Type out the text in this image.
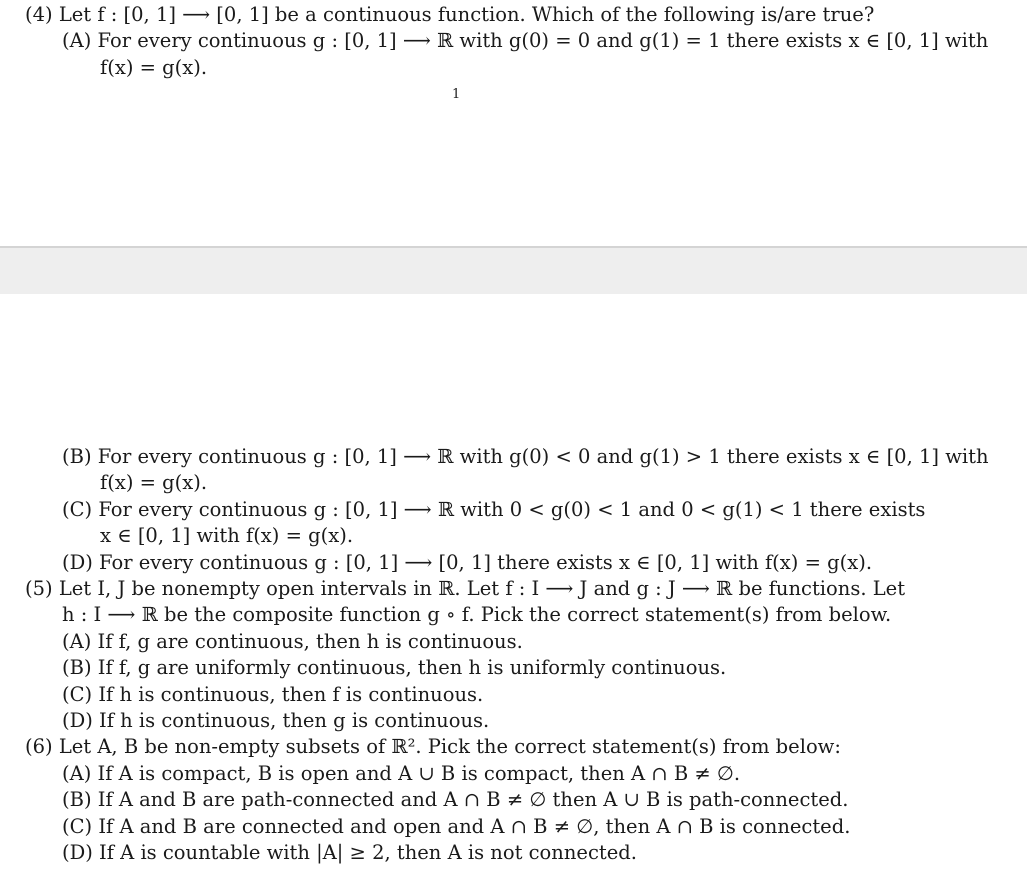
(4) Let f : [0, 1] ⟶ [0, 1] be a continuous function. Which of the following is/are true?
(A) For every continuous g : [0, 1] ⟶ ℝ with g(0) = 0 and g(1) = 1 there exists x ∈ [0, 1] with
f(x) = g(x).
1
(B) For every continuous g : [0, 1] ⟶ ℝ with g(0) < 0 and g(1) > 1 there exists x ∈ [0, 1] with
f(x) = g(x).
(C) For every continuous g : [0, 1] ⟶ ℝ with 0 < g(0) < 1 and 0 < g(1) < 1 there exists
x ∈ [0, 1] with f(x) = g(x).
(D) For every continuous g : [0, 1] ⟶ [0, 1] there exists x ∈ [0, 1] with f(x) = g(x).
(5) Let I, J be nonempty open intervals in ℝ. Let f : I ⟶ J and g : J ⟶ ℝ be functions. Let
h : I ⟶ ℝ be the composite function g ∘ f. Pick the correct statement(s) from below.
(A) If f, g are continuous, then h is continuous.
(B) If f, g are uniformly continuous, then h is uniformly continuous.
(C) If h is continuous, then f is continuous.
(D) If h is continuous, then g is continuous.
(6) Let A, B be non-empty subsets of ℝ². Pick the correct statement(s) from below:
(A) If A is compact, B is open and A ∪ B is compact, then A ∩ B ≠ ∅.
(B) If A and B are path-connected and A ∩ B ≠ ∅ then A ∪ B is path-connected.
(C) If A and B are connected and open and A ∩ B ≠ ∅, then A ∩ B is connected.
(D) If A is countable with |A| ≥ 2, then A is not connected.
